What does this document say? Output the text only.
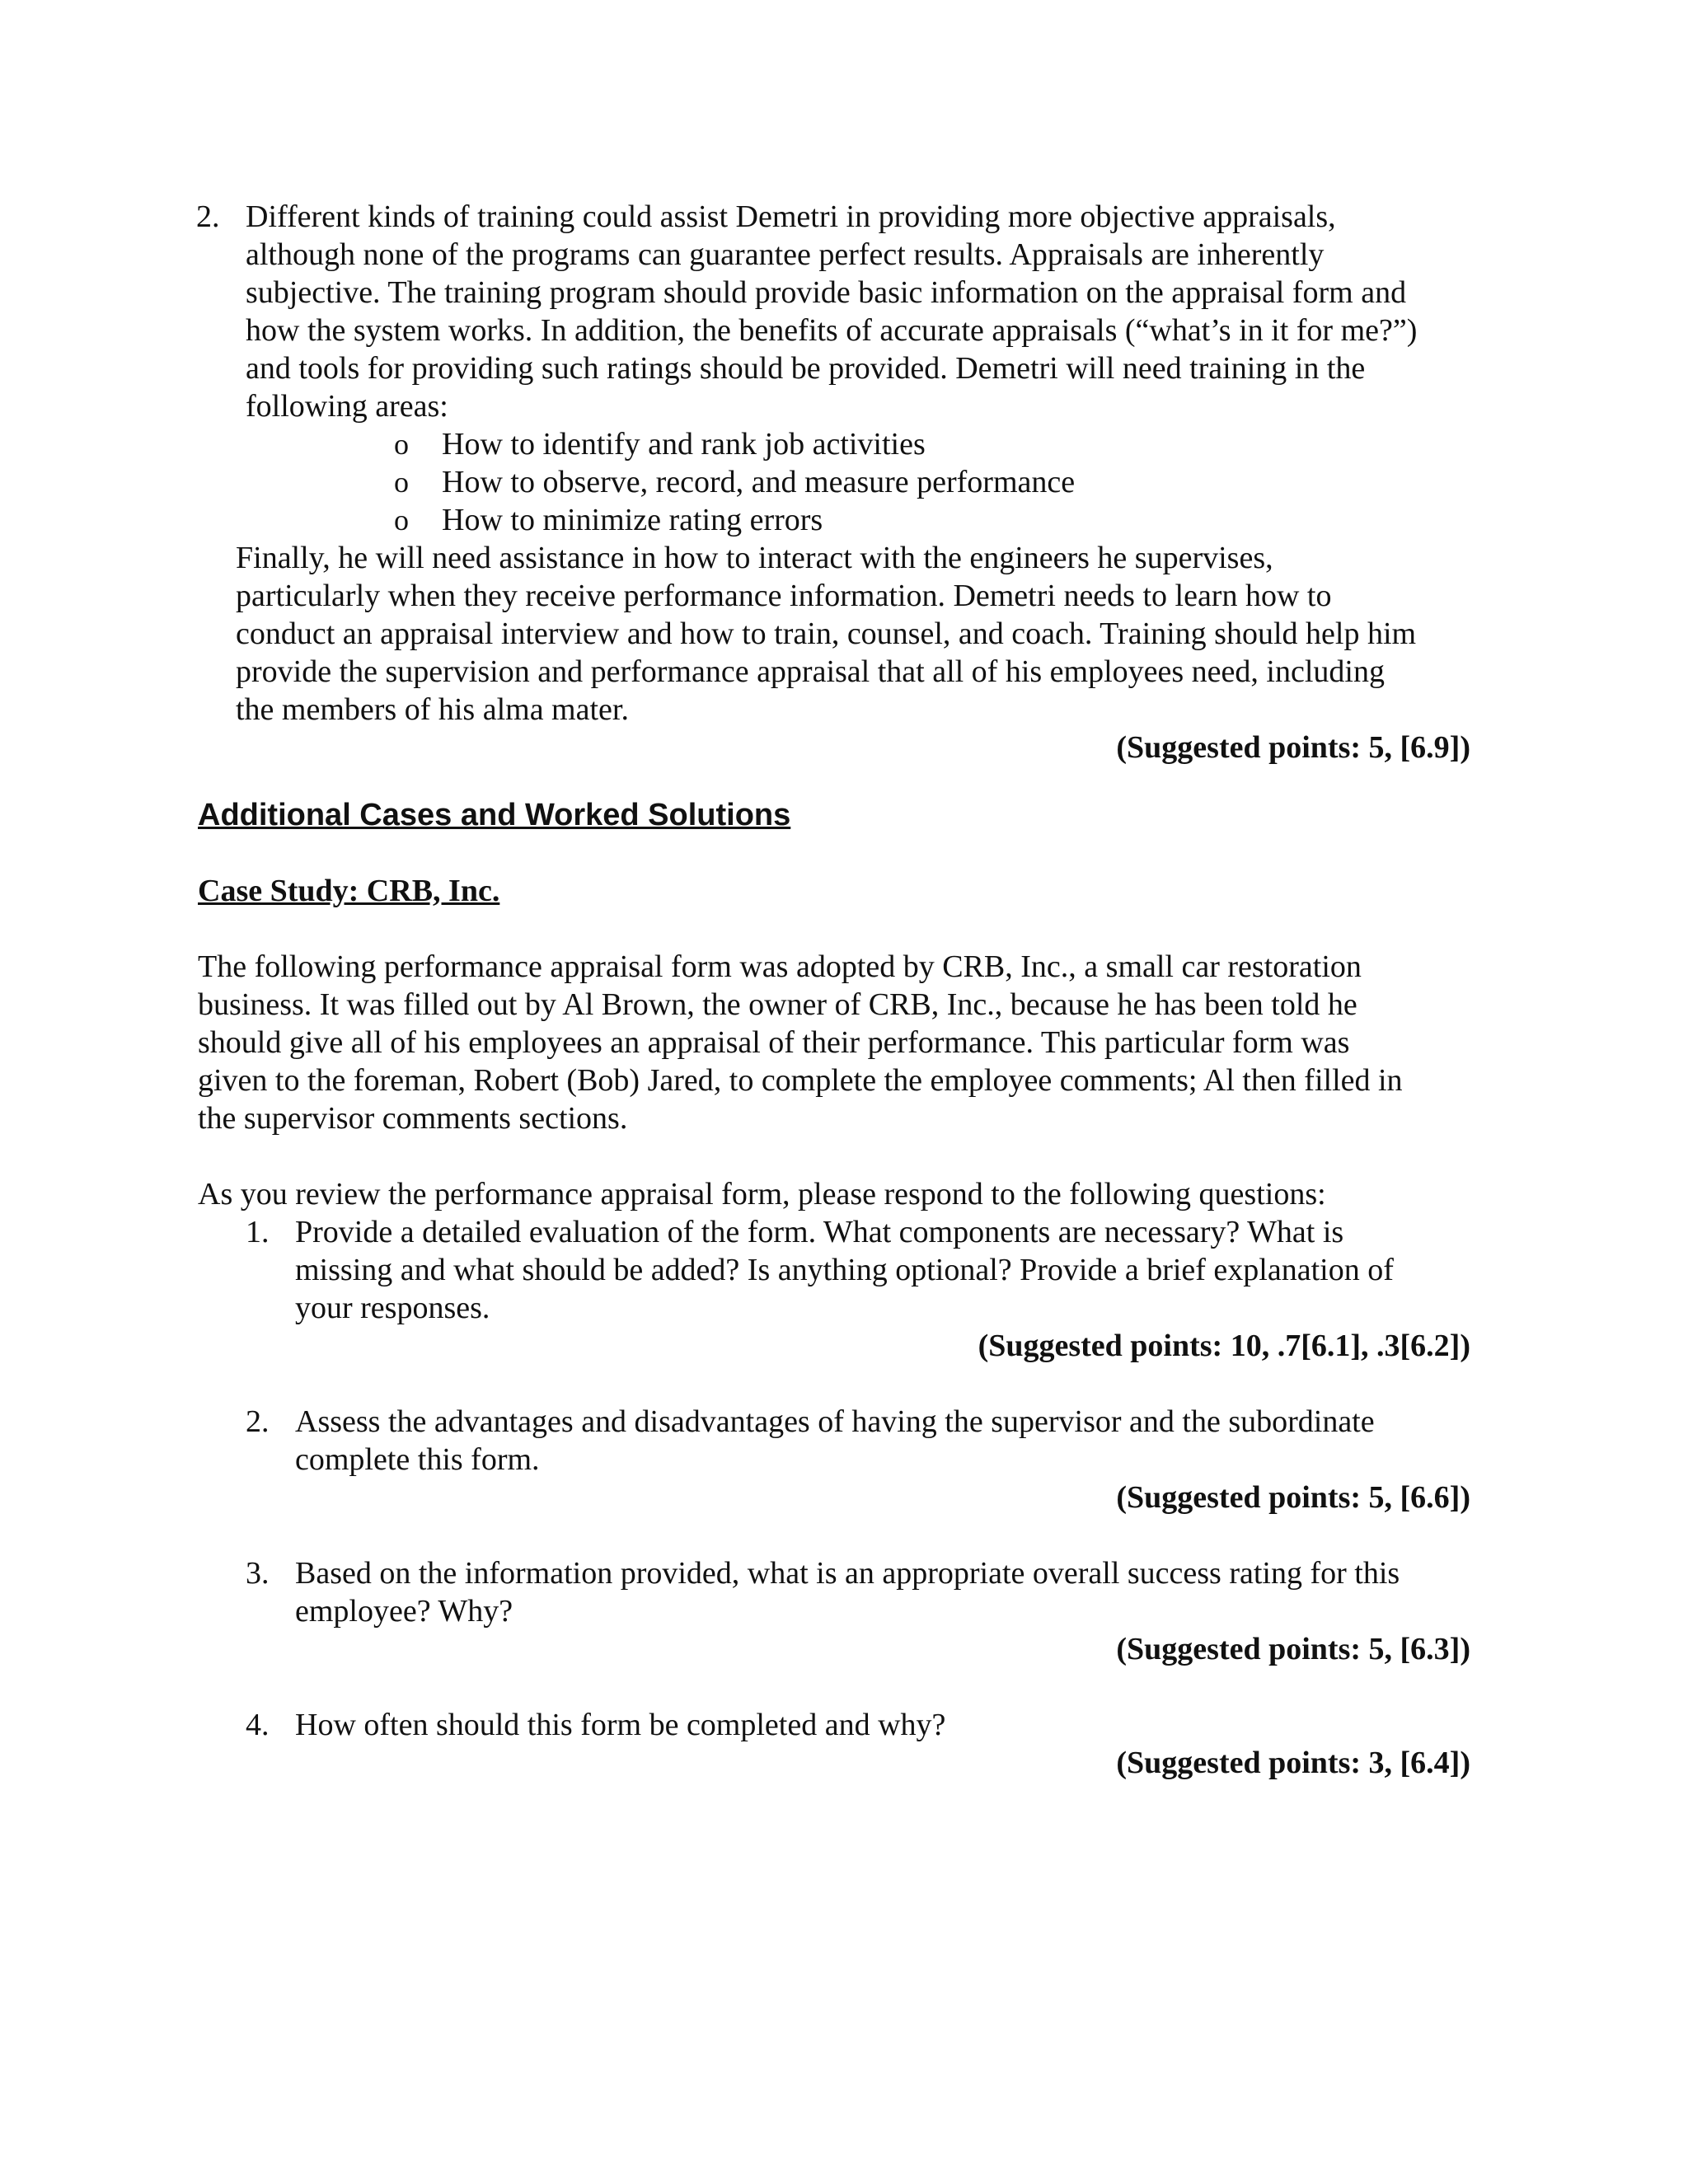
2. Different kinds of training could assist Demetri in providing more objective appraisals,
although none of the programs can guarantee perfect results. Appraisals are inherently
subjective. The training program should provide basic information on the appraisal form and
how the system works. In addition, the benefits of accurate appraisals (“what’s in it for me?”)
and tools for providing such ratings should be provided. Demetri will need training in the
following areas:
o How to identify and rank job activities
o How to observe, record, and measure performance
o How to minimize rating errors
Finally, he will need assistance in how to interact with the engineers he supervises,
particularly when they receive performance information. Demetri needs to learn how to
conduct an appraisal interview and how to train, counsel, and coach. Training should help him
provide the supervision and performance appraisal that all of his employees need, including
the members of his alma mater.
(Suggested points: 5, [6.9])
Additional Cases and Worked Solutions
Case Study: CRB, Inc.
The following performance appraisal form was adopted by CRB, Inc., a small car restoration
business. It was filled out by Al Brown, the owner of CRB, Inc., because he has been told he
should give all of his employees an appraisal of their performance. This particular form was
given to the foreman, Robert (Bob) Jared, to complete the employee comments; Al then filled in
the supervisor comments sections.
As you review the performance appraisal form, please respond to the following questions:
1. Provide a detailed evaluation of the form. What components are necessary? What is
missing and what should be added? Is anything optional? Provide a brief explanation of
your responses.
(Suggested points: 10, .7[6.1], .3[6.2])
2. Assess the advantages and disadvantages of having the supervisor and the subordinate
complete this form.
(Suggested points: 5, [6.6])
3. Based on the information provided, what is an appropriate overall success rating for this
employee? Why?
(Suggested points: 5, [6.3])
4. How often should this form be completed and why?
(Suggested points: 3, [6.4])
